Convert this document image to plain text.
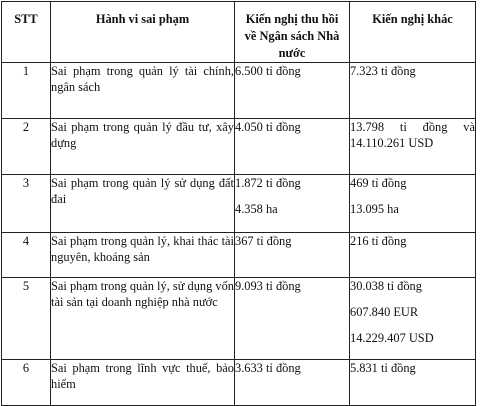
STT	Hành vi sai phạm	Kiến nghị thu hồi
về Ngân sách Nhà
nước	Kiến nghị khác

1	Sai phạm trong quản lý tài chính, ngân sách	6.500 tỉ đồng	7.323 tỉ đồng

2	Sai phạm trong quản lý đầu tư, xây dựng	4.050 tỉ đồng	13.798 tỉ đồng và
14.110.261 USD

3	Sai phạm trong quản lý sử dụng đất đai	1.872 tỉ đồng
4.358 ha	469 tỉ đồng
13.095 ha

4	Sai phạm trong quản lý, khai thác tài nguyên, khoáng sản	367 tỉ đồng	216 tỉ đồng

5	Sai phạm trong quản lý, sử dụng vốn tài sản tại doanh nghiệp nhà nước	9.093 tỉ đồng	30.038 tỉ đồng
607.840 EUR
14.229.407 USD

6	Sai phạm trong lĩnh vực thuế, bảo hiểm	3.633 tỉ đồng	5.831 tỉ đồng
